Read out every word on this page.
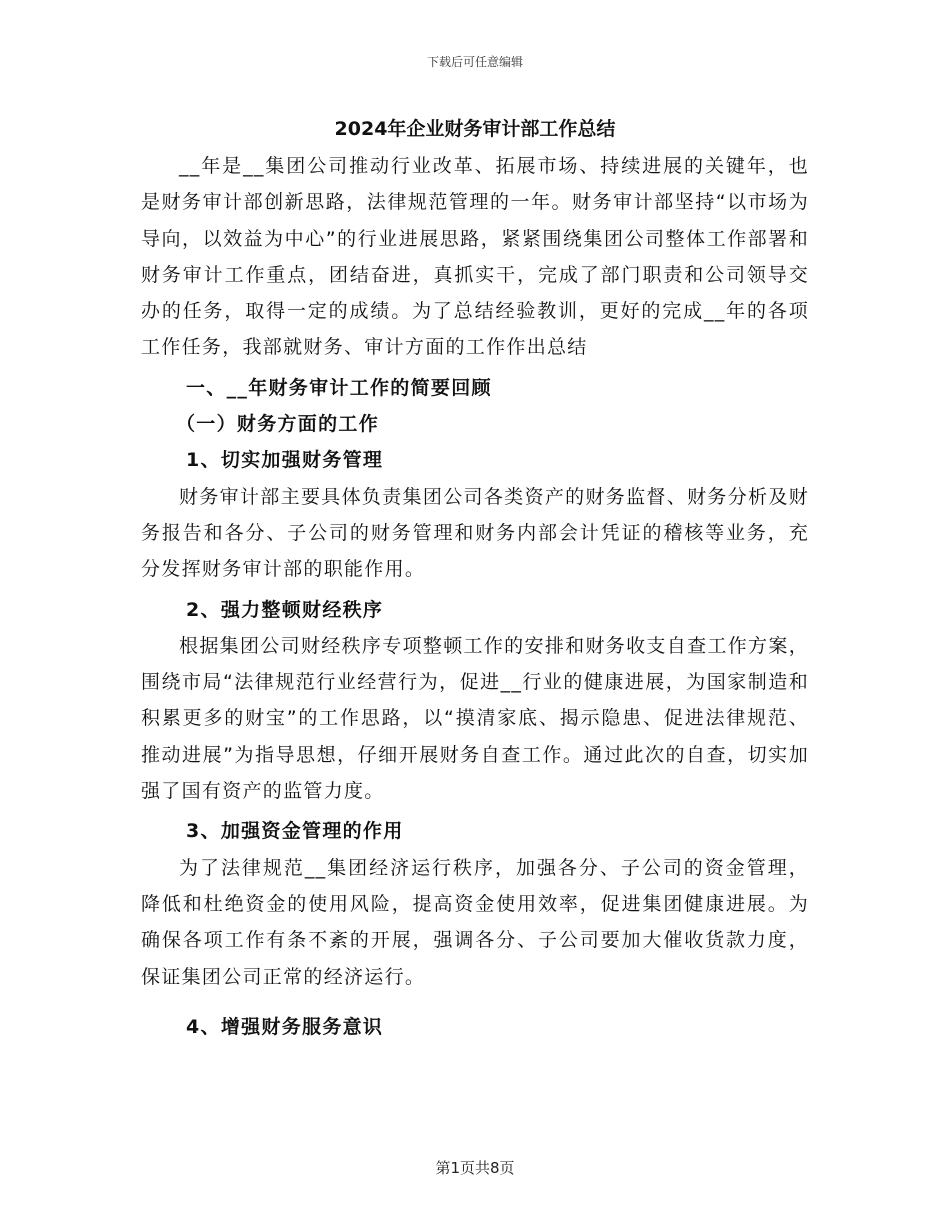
下载后可任意编辑
2024年企业财务审计部工作总结

__年是__集团公司推动行业改革、拓展市场、持续进展的关键年，也是财务审计部创新思路，法律规范管理的一年。财务审计部坚持“以市场为导向，以效益为中心”的行业进展思路，紧紧围绕集团公司整体工作部署和财务审计工作重点，团结奋进，真抓实干，完成了部门职责和公司领导交办的任务，取得一定的成绩。为了总结经验教训，更好的完成__年的各项工作任务，我部就财务、审计方面的工作作出总结

一、__年财务审计工作的简要回顾

（一）财务方面的工作

1、切实加强财务管理

财务审计部主要具体负责集团公司各类资产的财务监督、财务分析及财务报告和各分、子公司的财务管理和财务内部会计凭证的稽核等业务，充分发挥财务审计部的职能作用。

2、强力整顿财经秩序

根据集团公司财经秩序专项整顿工作的安排和财务收支自查工作方案，围绕市局“法律规范行业经营行为，促进__行业的健康进展，为国家制造和积累更多的财宝”的工作思路，以“摸清家底、揭示隐患、促进法律规范、推动进展”为指导思想，仔细开展财务自查工作。通过此次的自查，切实加强了国有资产的监管力度。

3、加强资金管理的作用

为了法律规范__集团经济运行秩序，加强各分、子公司的资金管理，降低和杜绝资金的使用风险，提高资金使用效率，促进集团健康进展。为确保各项工作有条不紊的开展，强调各分、子公司要加大催收货款力度，保证集团公司正常的经济运行。

4、增强财务服务意识

第1页共8页
